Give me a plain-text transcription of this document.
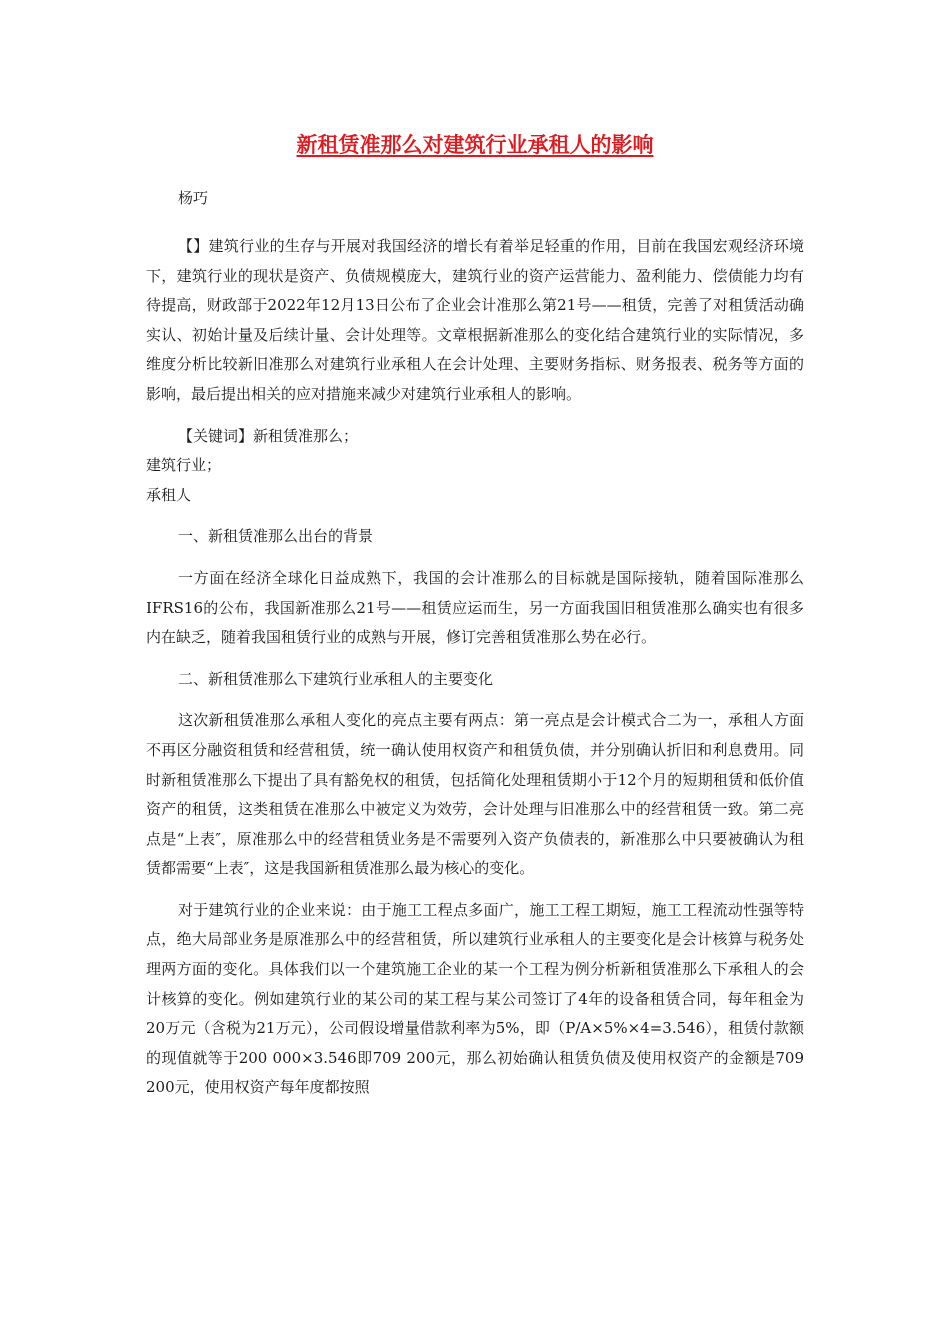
新租赁准那么对建筑行业承租人的影响
杨巧

【】建筑行业的生存与开展对我国经济的增长有着举足轻重的作用，目前在我国宏观经济环境下，建筑行业的现状是资产、负债规模庞大，建筑行业的资产运营能力、盈利能力、偿债能力均有待提高，财政部于2022年12月13日公布了企业会计准那么第21号——租赁，完善了对租赁活动确实认、初始计量及后续计量、会计处理等。文章根据新准那么的变化结合建筑行业的实际情况，多维度分析比较新旧准那么对建筑行业承租人在会计处理、主要财务指标、财务报表、税务等方面的影响，最后提出相关的应对措施来减少对建筑行业承租人的影响。

【关键词】新租赁准那么；
建筑行业；
承租人
一、新租赁准那么出台的背景

一方面在经济全球化日益成熟下，我国的会计准那么的目标就是国际接轨，随着国际准那么IFRS16的公布，我国新准那么21号——租赁应运而生，另一方面我国旧租赁准那么确实也有很多内在缺乏，随着我国租赁行业的成熟与开展，修订完善租赁准那么势在必行。

二、新租赁准那么下建筑行业承租人的主要变化

这次新租赁准那么承租人变化的亮点主要有两点：第一亮点是会计模式合二为一，承租人方面不再区分融资租赁和经营租赁，统一确认使用权资产和租赁负债，并分别确认折旧和利息费用。同时新租赁准那么下提出了具有豁免权的租赁，包括简化处理租赁期小于12个月的短期租赁和低价值资产的租赁，这类租赁在准那么中被定义为效劳，会计处理与旧准那么中的经营租赁一致。第二亮点是“上表″，原准那么中的经营租赁业务是不需要列入资产负债表的，新准那么中只要被确认为租赁都需要“上表″，这是我国新租赁准那么最为核心的变化。

对于建筑行业的企业来说：由于施工工程点多面广，施工工程工期短，施工工程流动性强等特点，绝大局部业务是原准那么中的经营租赁，所以建筑行业承租人的主要变化是会计核算与税务处理两方面的变化。具体我们以一个建筑施工企业的某一个工程为例分析新租赁准那么下承租人的会计核算的变化。例如建筑行业的某公司的某工程与某公司签订了4年的设备租赁合同，每年租金为20万元（含税为21万元），公司假设增量借款利率为5%，即（P/A×5%×4=3.546），租赁付款额的现值就等于200 000×3.546即709 200元，那么初始确认租赁负债及使用权资产的金额是709 200元，使用权资产每年度都按照
